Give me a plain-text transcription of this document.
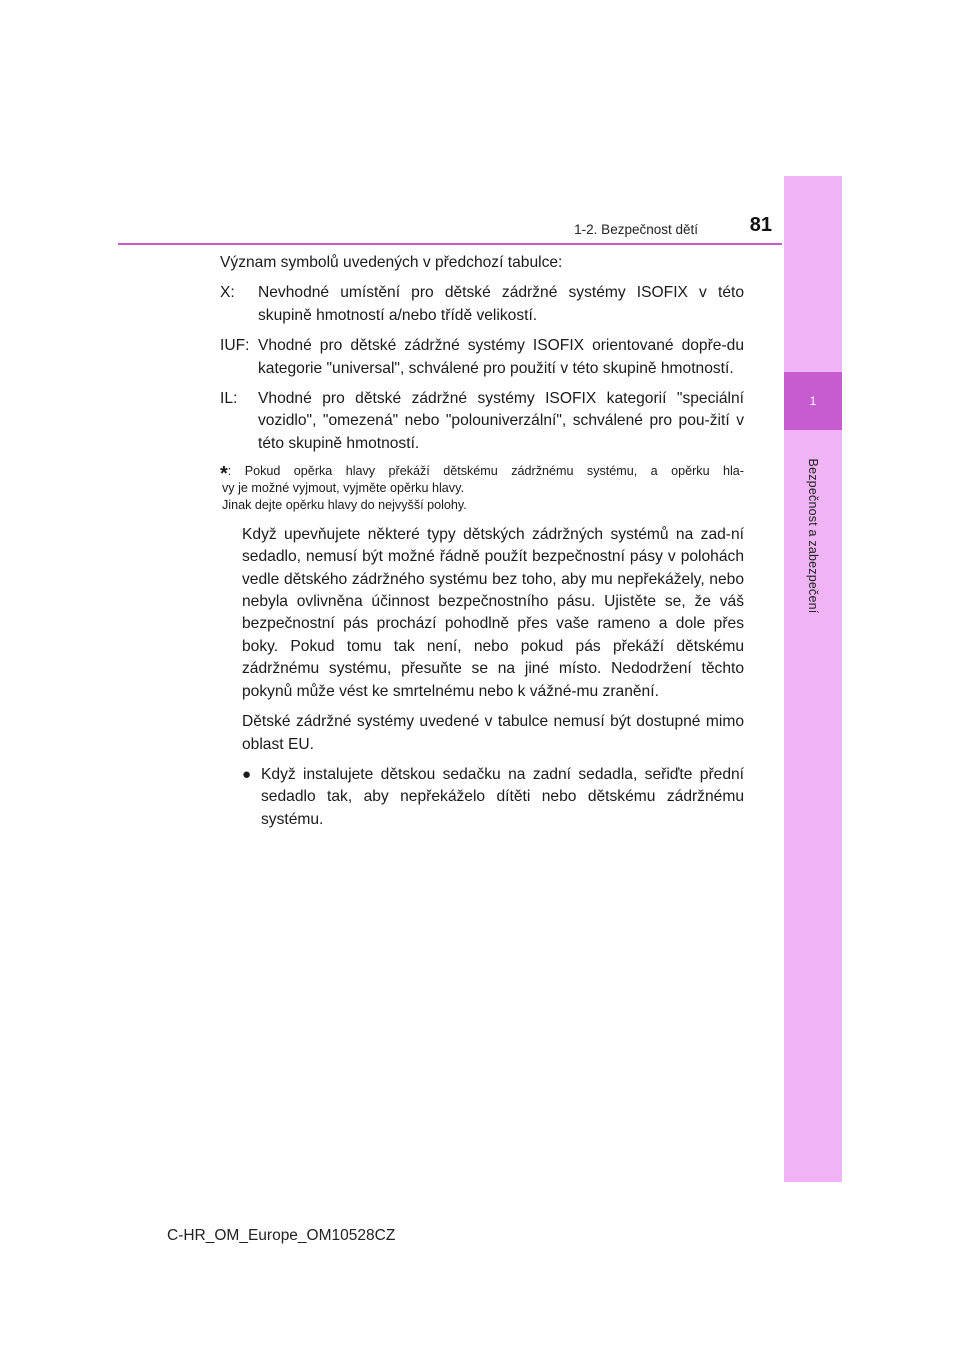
1
Bezpečnost a zabezpečení
1-2. Bezpečnost dětí	81

Význam symbolů uvedených v předchozí tabulce:

X: Nevhodné umístění pro dětské zádržné systémy ISOFIX v této skupině hmotností a/nebo třídě velikostí.

IUF: Vhodné pro dětské zádržné systémy ISOFIX orientované dopře-du kategorie "universal", schválené pro použití v této skupině hmotností.

IL: Vhodné pro dětské zádržné systémy ISOFIX kategorií "speciální vozidlo", "omezená" nebo "polouniverzální", schválené pro pou-žití v této skupině hmotností.

*: Pokud opěrka hlavy překáží dětskému zádržnému systému, a opěrku hla-
vy je možné vyjmout, vyjměte opěrku hlavy.
Jinak dejte opěrku hlavy do nejvyšší polohy.

Když upevňujete některé typy dětských zádržných systémů na zad-ní sedadlo, nemusí být možné řádně použít bezpečnostní pásy v polohách vedle dětského zádržného systému bez toho, aby mu nepřekážely, nebo nebyla ovlivněna účinnost bezpečnostního pásu. Ujistěte se, že váš bezpečnostní pás prochází pohodlně přes vaše rameno a dole přes boky. Pokud tomu tak není, nebo pokud pás překáží dětskému zádržnému systému, přesuňte se na jiné místo. Nedodržení těchto pokynů může vést ke smrtelnému nebo k vážné-mu zranění.

Dětské zádržné systémy uvedené v tabulce nemusí být dostupné mimo oblast EU.

● Když instalujete dětskou sedačku na zadní sedadla, seřiďte přední sedadlo tak, aby nepřekáželo dítěti nebo dětskému zádržnému systému.

C-HR_OM_Europe_OM10528CZ
